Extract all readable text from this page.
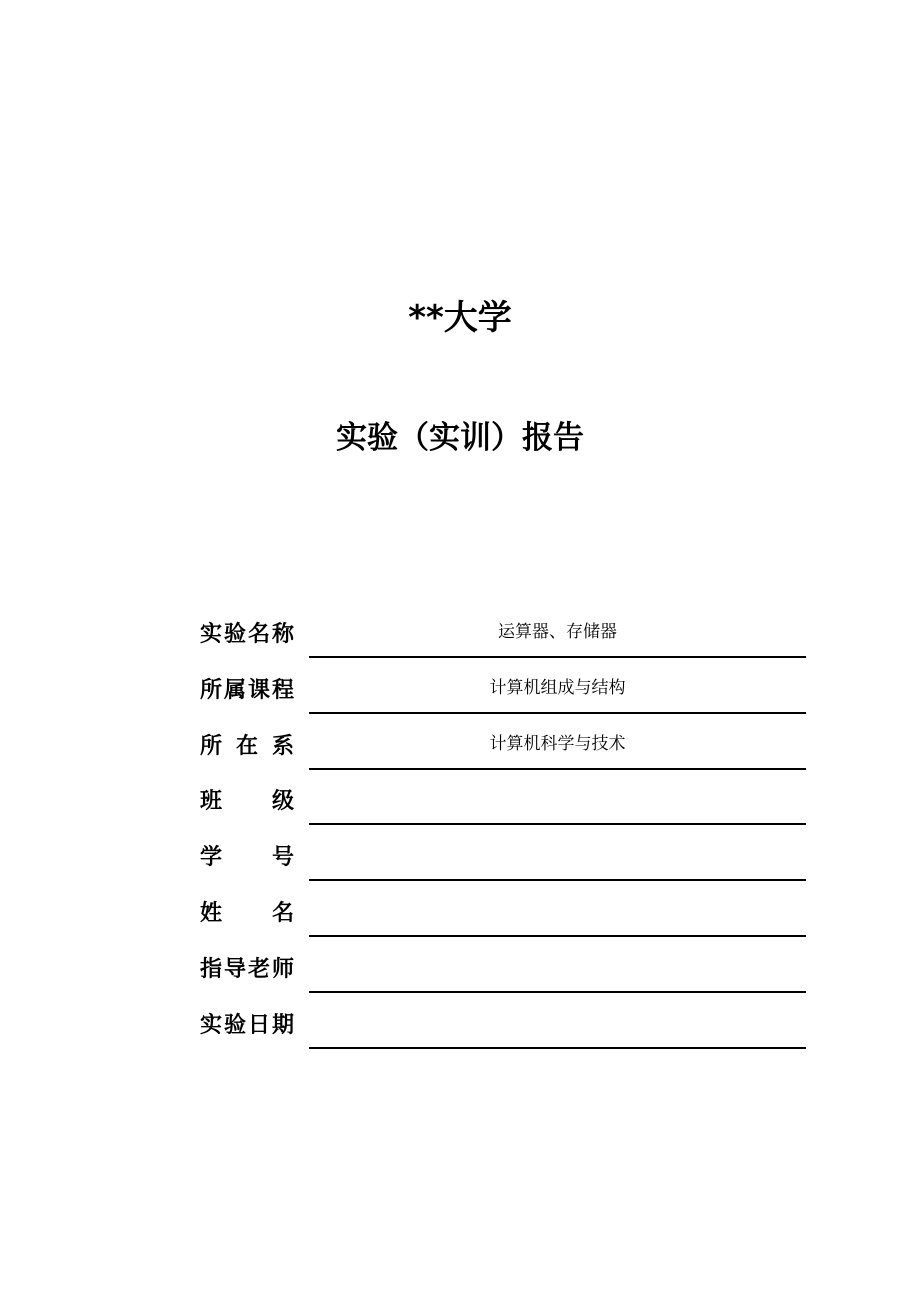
**大学
实验（实训）报告
实 验 名 称	运算器、存储器
所 属 课 程	计算机组成与结构
所 在 系	计算机科学与技术
班 级
学 号
姓 名
指 导 老 师
实 验 日 期
